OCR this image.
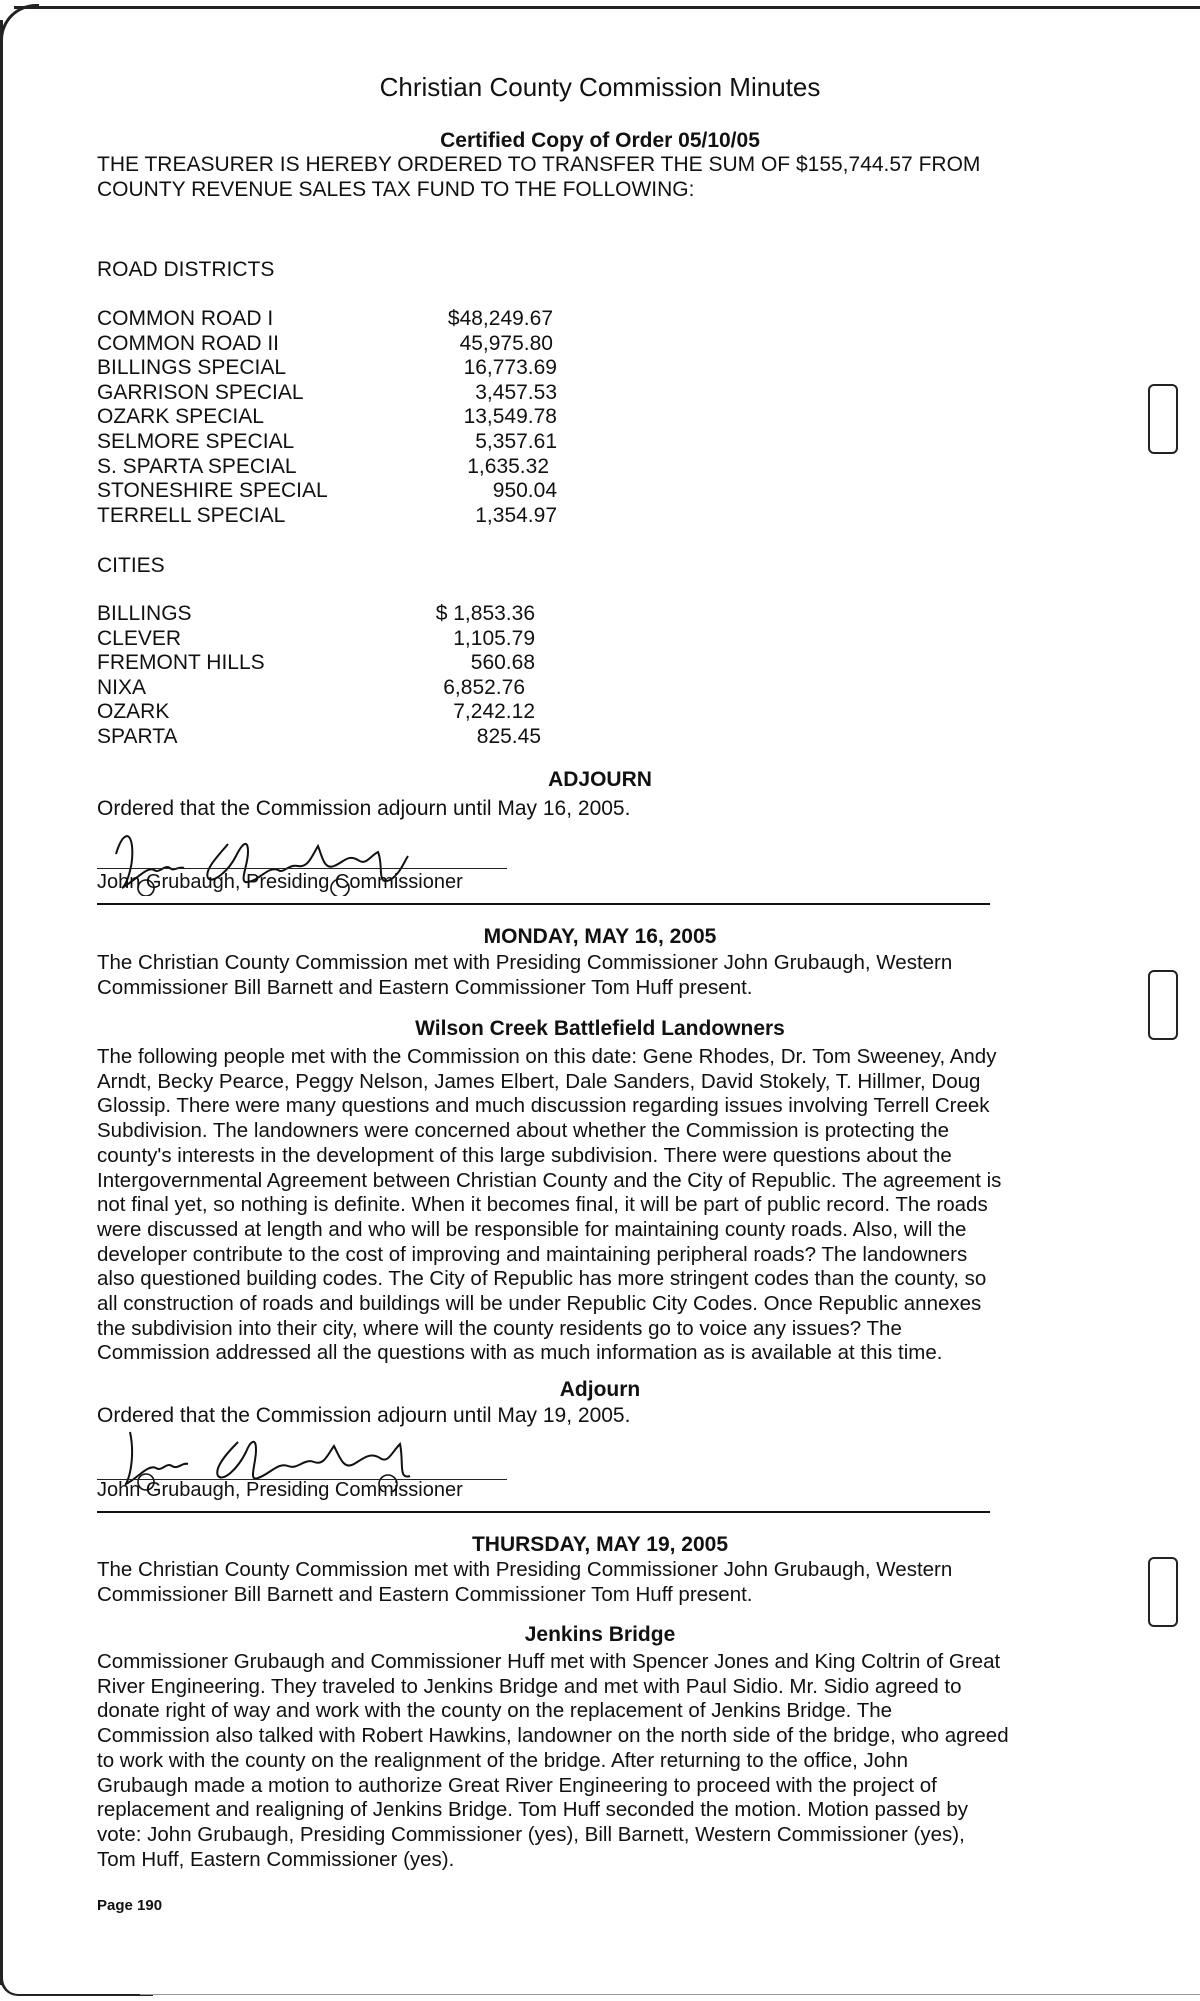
Christian County Commission Minutes
Certified Copy of Order 05/10/05
THE TREASURER IS HEREBY ORDERED TO TRANSFER THE SUM OF $155,744.57 FROM
COUNTY REVENUE SALES TAX FUND TO THE FOLLOWING:
ROAD DISTRICTS
COMMON ROAD I	$48,249.67
COMMON ROAD II	45,975.80
BILLINGS SPECIAL	16,773.69
GARRISON SPECIAL	3,457.53
OZARK SPECIAL	13,549.78
SELMORE SPECIAL	5,357.61
S. SPARTA SPECIAL	1,635.32
STONESHIRE SPECIAL	950.04
TERRELL SPECIAL	1,354.97
CITIES
BILLINGS	$ 1,853.36
CLEVER	1,105.79
FREMONT HILLS	560.68
NIXA	6,852.76
OZARK	7,242.12
SPARTA	825.45
ADJOURN
Ordered that the Commission adjourn until May 16, 2005.
John Grubaugh, Presiding Commissioner
MONDAY, MAY 16, 2005
The Christian County Commission met with Presiding Commissioner John Grubaugh, Western
Commissioner Bill Barnett and Eastern Commissioner Tom Huff present.
Wilson Creek Battlefield Landowners
The following people met with the Commission on this date: Gene Rhodes, Dr. Tom Sweeney, Andy
Arndt, Becky Pearce, Peggy Nelson, James Elbert, Dale Sanders, David Stokely, T. Hillmer, Doug
Glossip. There were many questions and much discussion regarding issues involving Terrell Creek
Subdivision. The landowners were concerned about whether the Commission is protecting the
county's interests in the development of this large subdivision. There were questions about the
Intergovernmental Agreement between Christian County and the City of Republic. The agreement is
not final yet, so nothing is definite. When it becomes final, it will be part of public record. The roads
were discussed at length and who will be responsible for maintaining county roads. Also, will the
developer contribute to the cost of improving and maintaining peripheral roads? The landowners
also questioned building codes. The City of Republic has more stringent codes than the county, so
all construction of roads and buildings will be under Republic City Codes. Once Republic annexes
the subdivision into their city, where will the county residents go to voice any issues? The
Commission addressed all the questions with as much information as is available at this time.
Adjourn
Ordered that the Commission adjourn until May 19, 2005.
John Grubaugh, Presiding Commissioner
THURSDAY, MAY 19, 2005
The Christian County Commission met with Presiding Commissioner John Grubaugh, Western
Commissioner Bill Barnett and Eastern Commissioner Tom Huff present.
Jenkins Bridge
Commissioner Grubaugh and Commissioner Huff met with Spencer Jones and King Coltrin of Great
River Engineering. They traveled to Jenkins Bridge and met with Paul Sidio. Mr. Sidio agreed to
donate right of way and work with the county on the replacement of Jenkins Bridge. The
Commission also talked with Robert Hawkins, landowner on the north side of the bridge, who agreed
to work with the county on the realignment of the bridge. After returning to the office, John
Grubaugh made a motion to authorize Great River Engineering to proceed with the project of
replacement and realigning of Jenkins Bridge. Tom Huff seconded the motion. Motion passed by
vote: John Grubaugh, Presiding Commissioner (yes), Bill Barnett, Western Commissioner (yes),
Tom Huff, Eastern Commissioner (yes).
Page 190
